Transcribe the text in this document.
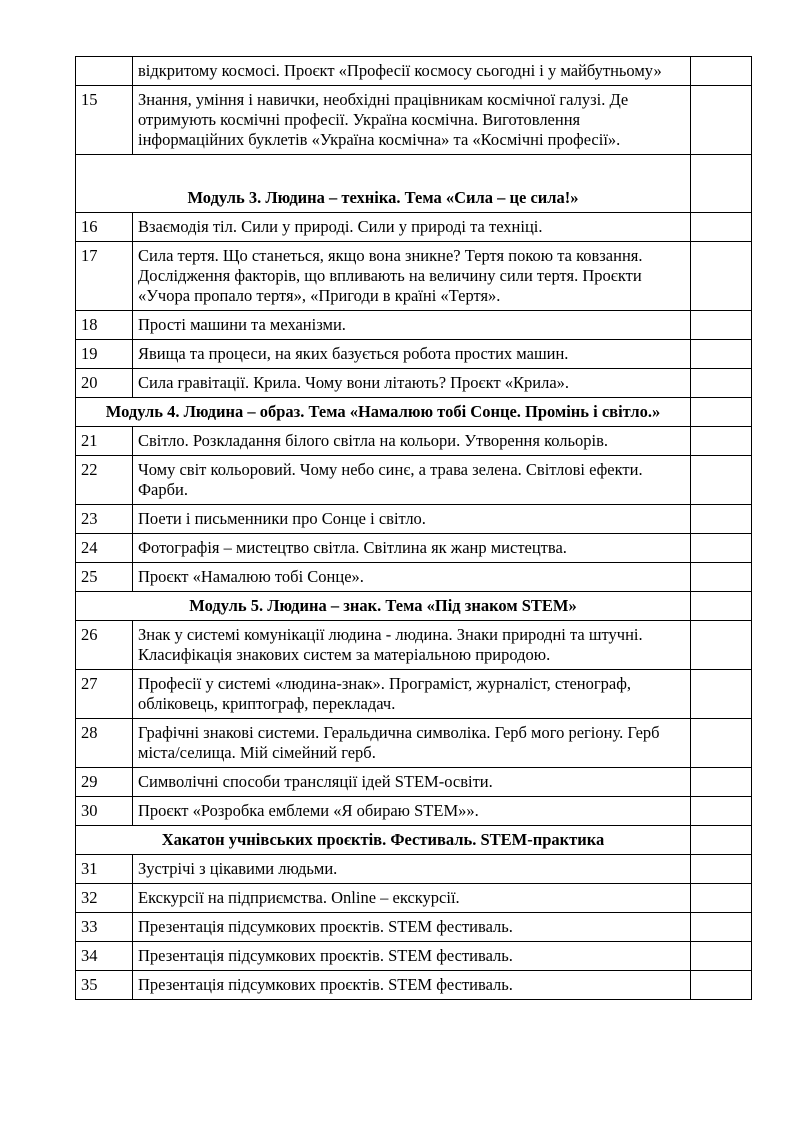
	відкритому космосі. Проєкт «Професії космосу сьогодні і у майбутньому»	
15	Знання, уміння і навички, необхідні працівникам космічної галузі. Де отримують космічні професії. Україна космічна. Виготовлення інформаційних буклетів «Україна космічна» та «Космічні професії».	
Модуль 3. Людина – техніка. Тема «Сила – це сила!»		
16	Взаємодія тіл. Сили у природі. Сили у природі та техніці.	
17	Сила тертя. Що станеться, якщо вона зникне? Тертя покою та ковзання. Дослідження факторів, що впливають на величину сили тертя. Проєкти «Учора пропало тертя», «Пригоди в країні «Тертя».	
18	Прості машини та механізми.	
19	Явища та процеси, на яких базується робота простих машин.	
20	Сила гравітації. Крила. Чому вони літають? Проєкт «Крила».	
Модуль 4. Людина – образ. Тема «Намалюю тобі Сонце. Промінь і світло.»		
21	Світло. Розкладання білого світла на кольори. Утворення кольорів.	
22	Чому світ кольоровий. Чому небо синє, а трава зелена. Світлові ефекти. Фарби.	
23	Поети і письменники про Сонце і світло.	
24	Фотографія – мистецтво світла. Світлина як жанр мистецтва.	
25	Проєкт «Намалюю тобі Сонце».	
Модуль 5. Людина – знак. Тема «Під знаком STEM»		
26	Знак у системі комунікації людина - людина. Знаки природні та штучні. Класифікація знакових систем за матеріальною природою.	
27	Професії у системі «людина-знак». Програміст, журналіст, стенограф, обліковець, криптограф, перекладач.	
28	Графічні знакові системи. Геральдична символіка. Герб мого регіону. Герб міста/селища. Мій сімейний герб.	
29	Символічні способи трансляції ідей STEM-освіти.	
30	Проєкт «Розробка емблеми «Я обираю STEM»».	
Хакатон учнівських проєктів. Фестиваль. STEM-практика		
31	Зустрічі з цікавими людьми.	
32	Екскурсії на підприємства. Online – екскурсії.	
33	Презентація підсумкових проєктів. STEM фестиваль.	
34	Презентація підсумкових проєктів. STEM фестиваль.	
35	Презентація підсумкових проєктів. STEM фестиваль.	
